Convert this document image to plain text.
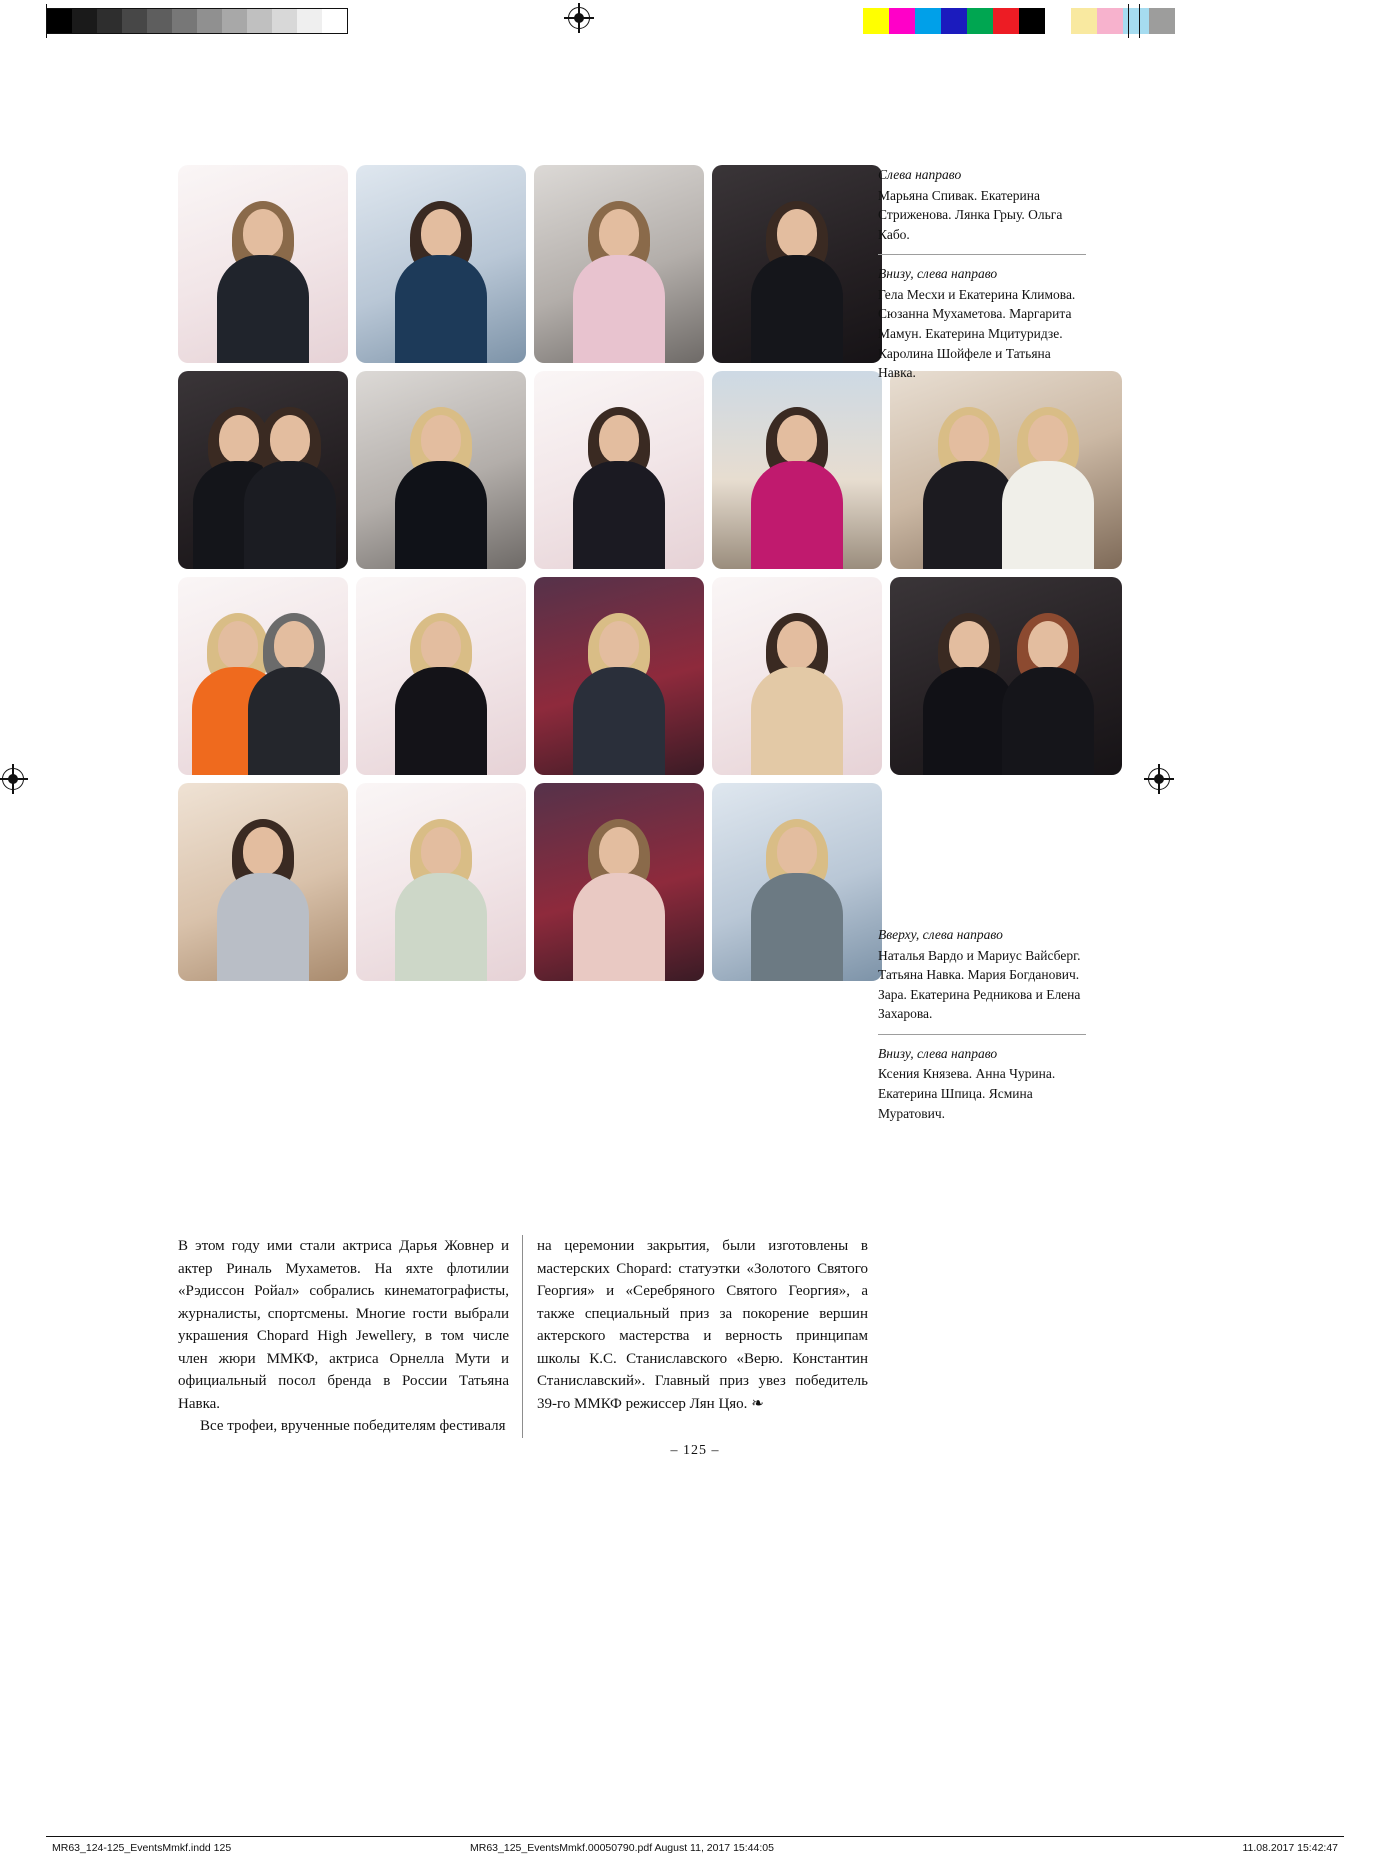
Слева направо

Марьяна Спивак. Екатерина Стриженова. Лянка Грыу. Ольга Кабо.

Внизу, слева направо

Гела Месхи и Екатерина Климова. Сюзанна Мухаметова. Маргарита Мамун. Екатерина Мцитуридзе. Каролина Шойфеле и Татьяна Навка.

Вверху, слева направо

Наталья Вардо и Мариус Вайсберг. Татьяна Навка. Мария Богданович. Зара. Екатерина Редникова и Елена Захарова.

Внизу, слева направо

Ксения Князева. Анна Чурина. Екатерина Шпица. Ясмина Муратович.

В этом году ими стали актриса Дарья Жовнер и актер Риналь Мухаметов. На яхте флотилии «Рэдиссон Ройал» собрались кинематографисты, журналисты, спортсмены. Многие гости выбрали украшения Chopard High Jewellery, в том числе член жюри ММКФ, актриса Орнелла Мути и официальный посол бренда в России Татьяна Навка.

Все трофеи, врученные победителям фестиваля

на церемонии закрытия, были изготовлены в мастерских Chopard: статуэтки «Золотого Святого Георгия» и «Серебряного Святого Георгия», а также специальный приз за покорение вершин актерского мастерства и верность принципам школы К.С. Станиславского «Верю. Константин Станиславский». Главный приз увез победитель 39-го ММКФ режиссер Лян Цяо. ❧

– 125 –
MR63_124-125_EventsMmkf.indd 125	MR63_125_EventsMmkf.00050790.pdf August 11, 2017 15:44:05	11.08.2017 15:42:47
